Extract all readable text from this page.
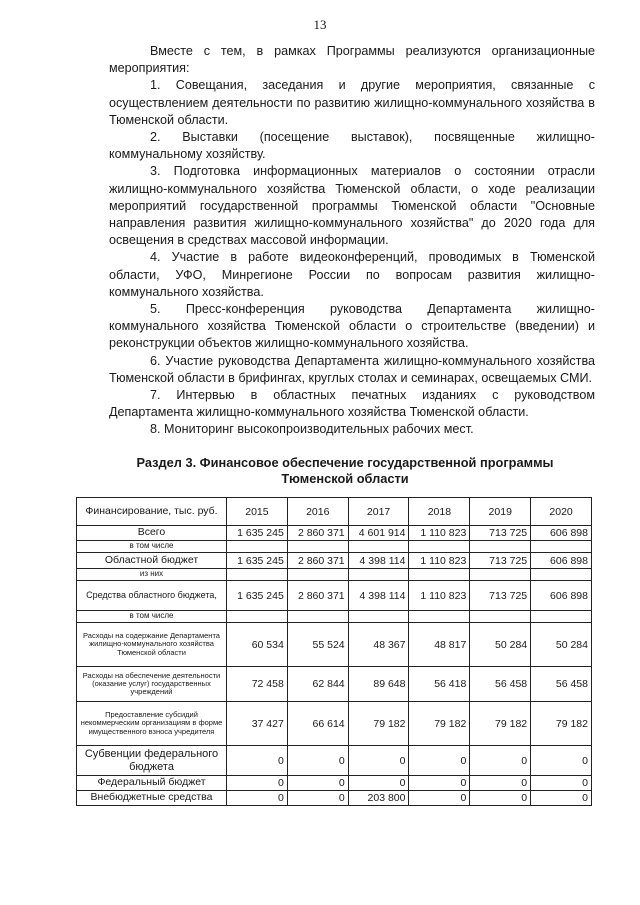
13

Вместе с тем, в рамках Программы реализуются организационные мероприятия:

1. Совещания, заседания и другие мероприятия, связанные с осуществлением деятельности по развитию жилищно-коммунального хозяйства в Тюменской области.

2. Выставки (посещение выставок), посвященные жилищно-коммунальному хозяйству.

3. Подготовка информационных материалов о состоянии отрасли жилищно-коммунального хозяйства Тюменской области, о ходе реализации мероприятий государственной программы Тюменской области "Основные направления развития жилищно-коммунального хозяйства" до 2020 года для освещения в средствах массовой информации.

4. Участие в работе видеоконференций, проводимых в Тюменской области, УФО, Минрегионе России по вопросам развития жилищно-коммунального хозяйства.

5. Пресс-конференция руководства Департамента жилищно-коммунального хозяйства Тюменской области о строительстве (введении) и реконструкции объектов жилищно-коммунального хозяйства.

6. Участие руководства Департамента жилищно-коммунального хозяйства Тюменской области в брифингах, круглых столах и семинарах, освещаемых СМИ.

7. Интервью в областных печатных изданиях с руководством Департамента жилищно-коммунального хозяйства Тюменской области.

8. Мониторинг высокопроизводительных рабочих мест.

Раздел 3. Финансовое обеспечение государственной программы
Тюменской области
Финансирование, тыс. руб.	2015	2016	2017	2018	2019	2020
Всего	1 635 245	2 860 371	4 601 914	1 110 823	713 725	606 898
в том числе						
Областной бюджет	1 635 245	2 860 371	4 398 114	1 110 823	713 725	606 898
из них						
Средства областного бюджета,	1 635 245	2 860 371	4 398 114	1 110 823	713 725	606 898
в том числе						
Расходы на содержание Департамента жилищно-коммунального хозяйства Тюменской области	60 534	55 524	48 367	48 817	50 284	50 284
Расходы на обеспечение деятельности (оказание услуг) государственных учреждений	72 458	62 844	89 648	56 418	56 458	56 458
Предоставление субсидий некоммерческим организациям в форме имущественного взноса учредителя	37 427	66 614	79 182	79 182	79 182	79 182
Субвенции федерального бюджета	0	0	0	0	0	0
Федеральный бюджет	0	0	0	0	0	0
Внебюджетные средства	0	0	203 800	0	0	0
